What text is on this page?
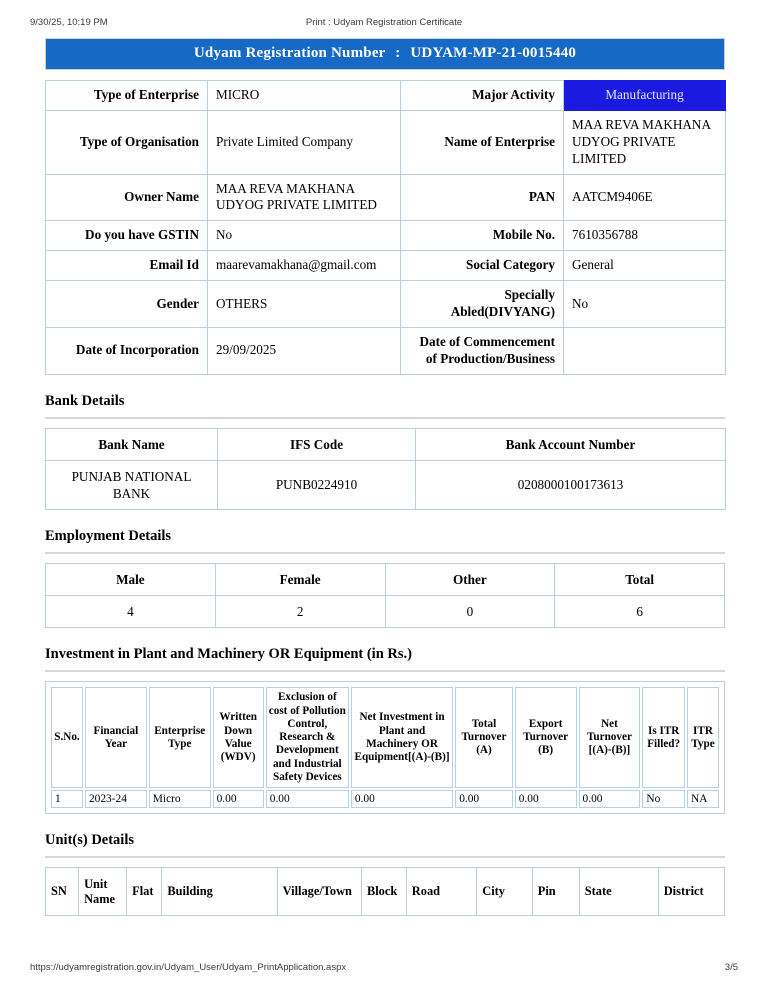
9/30/25, 10:19 PM	Print : Udyam Registration Certificate
Udyam Registration Number : UDYAM-MP-21-0015440
Type of Enterprise	MICRO	Major Activity	Manufacturing
Type of Organisation	Private Limited Company	Name of Enterprise	MAA REVA MAKHANA UDYOG PRIVATE LIMITED
Owner Name	MAA REVA MAKHANA UDYOG PRIVATE LIMITED	PAN	AATCM9406E
Do you have GSTIN	No	Mobile No.	7610356788
Email Id	maarevamakhana@gmail.com	Social Category	General
Gender	OTHERS	Specially Abled(DIVYANG)	No
Date of Incorporation	29/09/2025	Date of Commencement of Production/Business	
Bank Details
Bank Name	IFS Code	Bank Account Number
PUNJAB NATIONAL BANK	PUNB0224910	0208000100173613
Employment Details
Male	Female	Other	Total
4	2	0	6
Investment in Plant and Machinery OR Equipment (in Rs.)
S.No.	Financial Year	Enterprise Type	Written Down Value (WDV)	Exclusion of cost of Pollution Control, Research & Development and Industrial Safety Devices	Net Investment in Plant and Machinery OR Equipment[(A)-(B)]	Total Turnover (A)	Export Turnover (B)	Net Turnover [(A)-(B)]	Is ITR Filled?	ITR Type
1	2023-24	Micro	0.00	0.00	0.00	0.00	0.00	0.00	No	NA
Unit(s) Details
SN	Unit Name	Flat	Building	Village/Town	Block	Road	City	Pin	State	District
https://udyamregistration.gov.in/Udyam_User/Udyam_PrintApplication.aspx	3/5
